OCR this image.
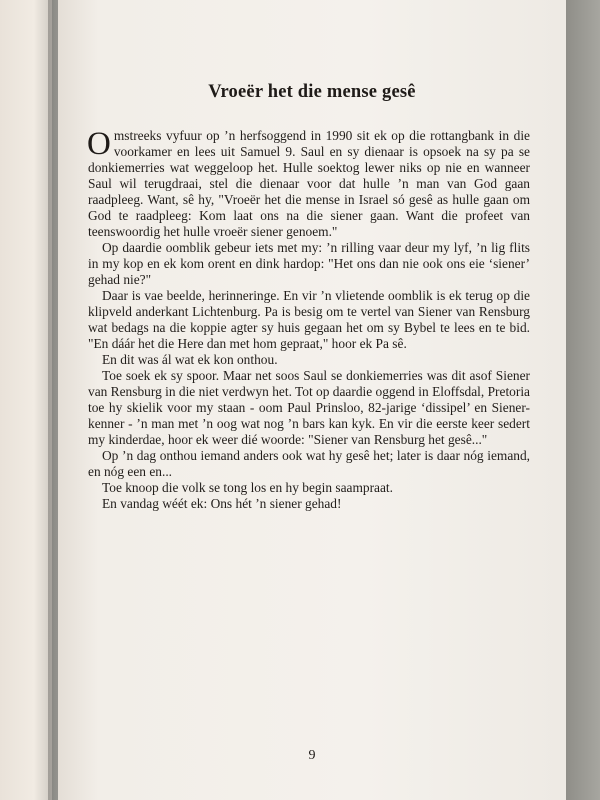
Vroeër het die mense gesê

Omstreeks vyfuur op ’n herfsoggend in 1990 sit ek op die rottangbank in die voorkamer en lees uit Samuel 9. Saul en sy dienaar is opsoek na sy pa se donkiemerries wat weggeloop het. Hulle soektog lewer niks op nie en wanneer Saul wil terugdraai, stel die dienaar voor dat hulle ’n man van God gaan raadpleeg. Want, sê hy, "Vroeër het die mense in Israel só gesê as hulle gaan om God te raadpleeg: Kom laat ons na die siener gaan. Want die profeet van teenswoordig het hulle vroeër siener genoem."

Op daardie oomblik gebeur iets met my: ’n rilling vaar deur my lyf, ’n lig flits in my kop en ek kom orent en dink hardop: "Het ons dan nie ook ons eie ‘siener’ gehad nie?"

Daar is vae beelde, herinneringe. En vir ’n vlietende oomblik is ek terug op die klipveld anderkant Lichtenburg. Pa is besig om te vertel van Siener van Rensburg wat bedags na die koppie agter sy huis gegaan het om sy Bybel te lees en te bid. "En dáár het die Here dan met hom gepraat," hoor ek Pa sê.

En dit was ál wat ek kon onthou.

Toe soek ek sy spoor. Maar net soos Saul se donkiemerries was dit asof Siener van Rensburg in die niet verdwyn het. Tot op daardie oggend in Eloffsdal, Pretoria toe hy skielik voor my staan - oom Paul Prinsloo, 82-jarige ‘dissipel’ en Siener-kenner - ’n man met ’n oog wat nog ’n bars kan kyk. En vir die eerste keer sedert my kinderdae, hoor ek weer dié woorde: "Siener van Rensburg het gesê..."

Op ’n dag onthou iemand anders ook wat hy gesê het; later is daar nóg iemand, en nóg een en...

Toe knoop die volk se tong los en hy begin saampraat.

En vandag wéét ek: Ons hét ’n siener gehad!

9
